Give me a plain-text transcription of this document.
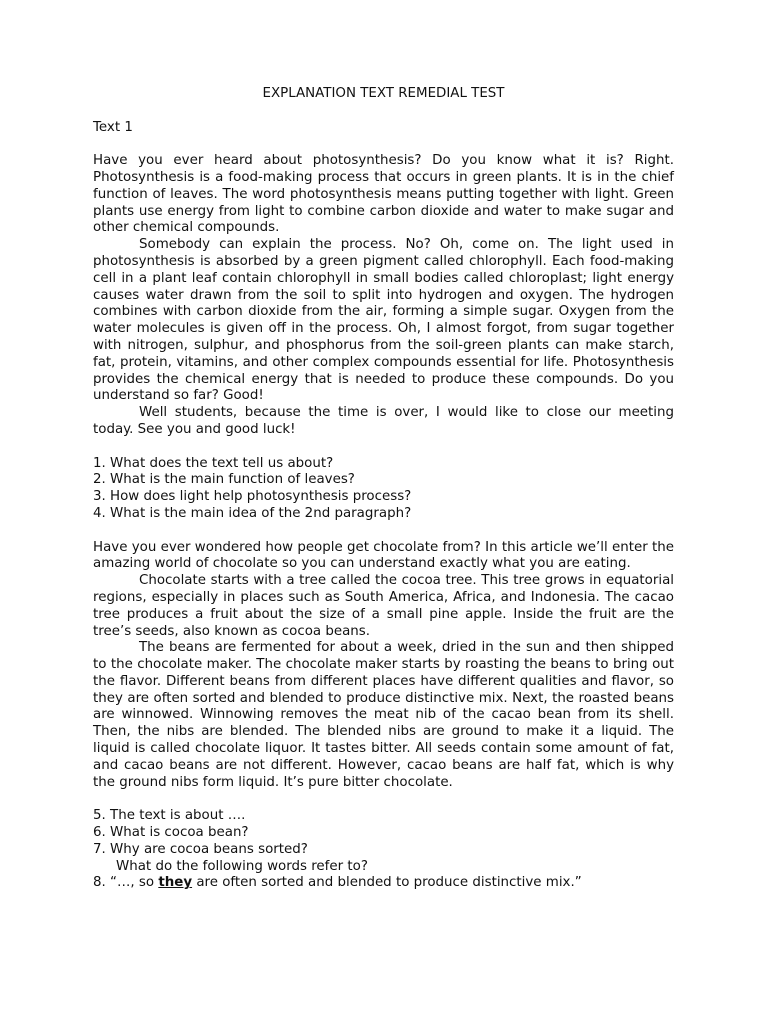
EXPLANATION TEXT REMEDIAL TEST

Text 1

Have you ever heard about photosynthesis? Do you know what it is? Right. Photosynthesis is a food-making process that occurs in green plants. It is in the chief function of leaves. The word photosynthesis means putting together with light. Green plants use energy from light to combine carbon dioxide and water to make sugar and other chemical compounds.

Somebody can explain the process. No? Oh, come on. The light used in photosynthesis is absorbed by a green pigment called chlorophyll. Each food-making cell in a plant leaf contain chlorophyll in small bodies called chloroplast; light energy causes water drawn from the soil to split into hydrogen and oxygen. The hydrogen combines with carbon dioxide from the air, forming a simple sugar. Oxygen from the water molecules is given off in the process. Oh, I almost forgot, from sugar together with nitrogen, sulphur, and phosphorus from the soil-green plants can make starch, fat, protein, vitamins, and other complex compounds essential for life. Photosynthesis provides the chemical energy that is needed to produce these compounds. Do you understand so far? Good!

Well students, because the time is over, I would like to close our meeting today. See you and good luck!

1. What does the text tell us about?

2. What is the main function of leaves?

3. How does light help photosynthesis process?

4. What is the main idea of the 2nd paragraph?

Have you ever wondered how people get chocolate from? In this article we’ll enter the amazing world of chocolate so you can understand exactly what you are eating.

Chocolate starts with a tree called the cocoa tree. This tree grows in equatorial regions, especially in places such as South America, Africa, and Indonesia. The cacao tree produces a fruit about the size of a small pine apple. Inside the fruit are the tree’s seeds, also known as cocoa beans.

The beans are fermented for about a week, dried in the sun and then shipped to the chocolate maker. The chocolate maker starts by roasting the beans to bring out the flavor. Different beans from different places have different qualities and flavor, so they are often sorted and blended to produce distinctive mix. Next, the roasted beans are winnowed. Winnowing removes the meat nib of the cacao bean from its shell. Then, the nibs are blended. The blended nibs are ground to make it a liquid. The liquid is called chocolate liquor. It tastes bitter. All seeds contain some amount of fat, and cacao beans are not different. However, cacao beans are half fat, which is why the ground nibs form liquid. It’s pure bitter chocolate.

5. The text is about ….

6. What is cocoa bean?

7. Why are cocoa beans sorted?

What do the following words refer to?

8. “…, so they are often sorted and blended to produce distinctive mix.”
